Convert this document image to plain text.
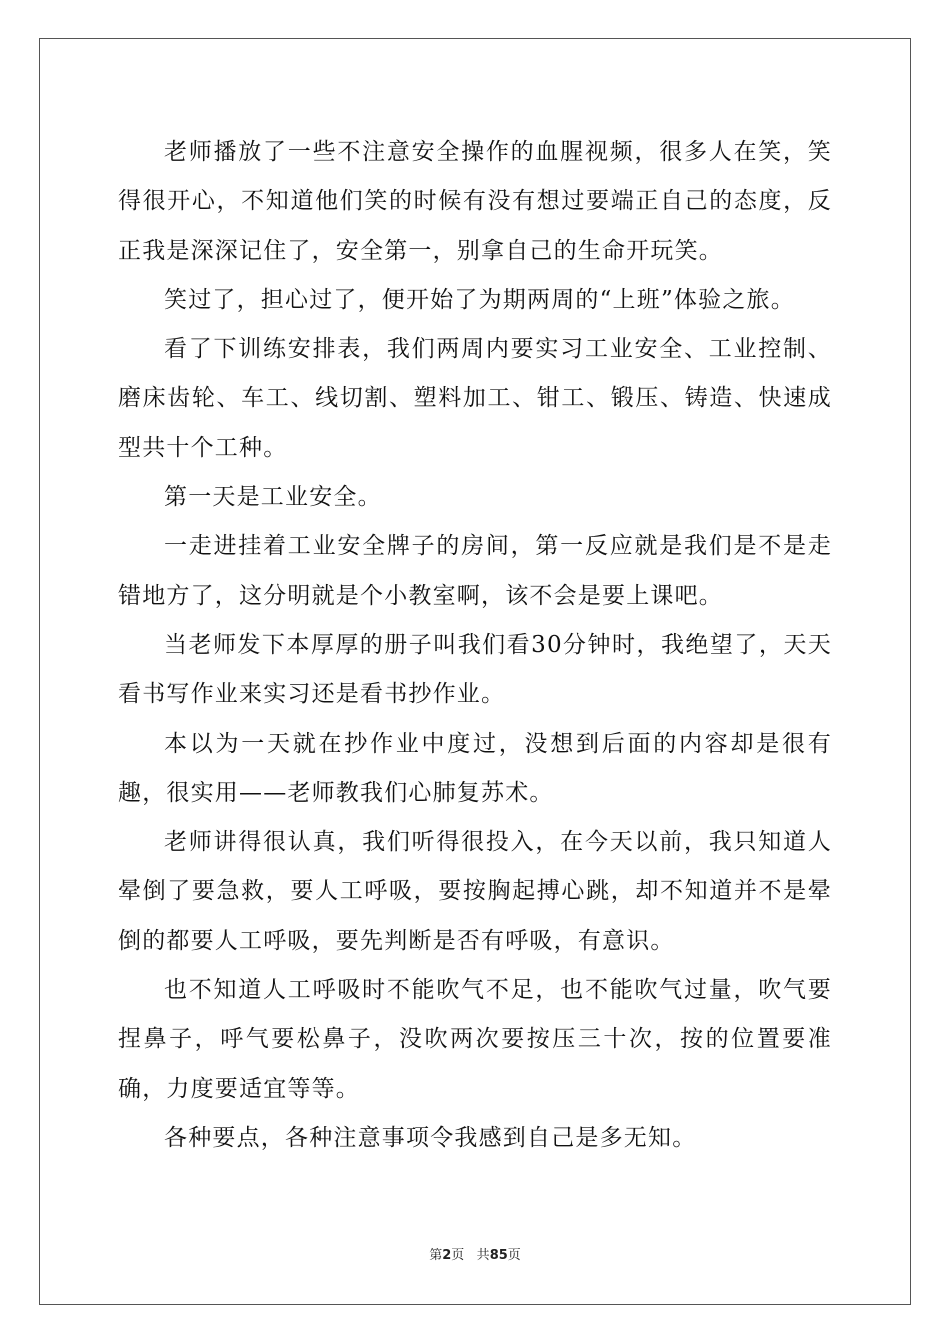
老师播放了一些不注意安全操作的血腥视频，很多人在笑，笑得很开心，不知道他们笑的时候有没有想过要端正自己的态度，反正我是深深记住了，安全第一，别拿自己的生命开玩笑。

笑过了，担心过了，便开始了为期两周的“上班”体验之旅。

看了下训练安排表，我们两周内要实习工业安全、工业控制、磨床齿轮、车工、线切割、塑料加工、钳工、锻压、铸造、快速成型共十个工种。

第一天是工业安全。

一走进挂着工业安全牌子的房间，第一反应就是我们是不是走错地方了，这分明就是个小教室啊，该不会是要上课吧。

当老师发下本厚厚的册子叫我们看30分钟时，我绝望了，天天看书写作业来实习还是看书抄作业。

本以为一天就在抄作业中度过，没想到后面的内容却是很有趣，很实用——老师教我们心肺复苏术。

老师讲得很认真，我们听得很投入，在今天以前，我只知道人晕倒了要急救，要人工呼吸，要按胸起搏心跳，却不知道并不是晕倒的都要人工呼吸，要先判断是否有呼吸，有意识。

也不知道人工呼吸时不能吹气不足，也不能吹气过量，吹气要捏鼻子，呼气要松鼻子，没吹两次要按压三十次，按的位置要准确，力度要适宜等等。

各种要点，各种注意事项令我感到自己是多无知。

第2页 共85页
